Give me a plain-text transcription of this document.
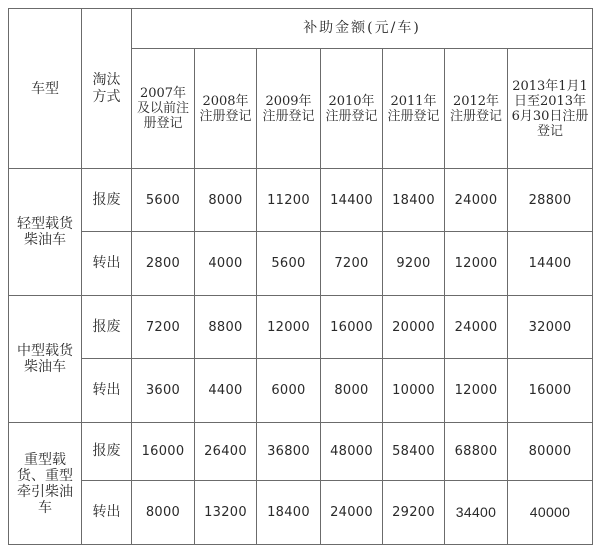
车型	淘汰方式	补助金额(元/车)						
		2007年及以前注册登记	2008年注册登记	2009年注册登记	2010年注册登记	2011年注册登记	2012年注册登记	2013年1月1日至2013年6月30日注册登记
轻型载货柴油车	报废	5600	8000	11200	14400	18400	24000	28800
	转出	2800	4000	5600	7200	9200	12000	14400
中型载货柴油车	报废	7200	8800	12000	16000	20000	24000	32000
	转出	3600	4400	6000	8000	10000	12000	16000
重型载货、重型牵引柴油车	报废	16000	26400	36800	48000	58400	68800	80000
	转出	8000	13200	18400	24000	29200	34400	40000
